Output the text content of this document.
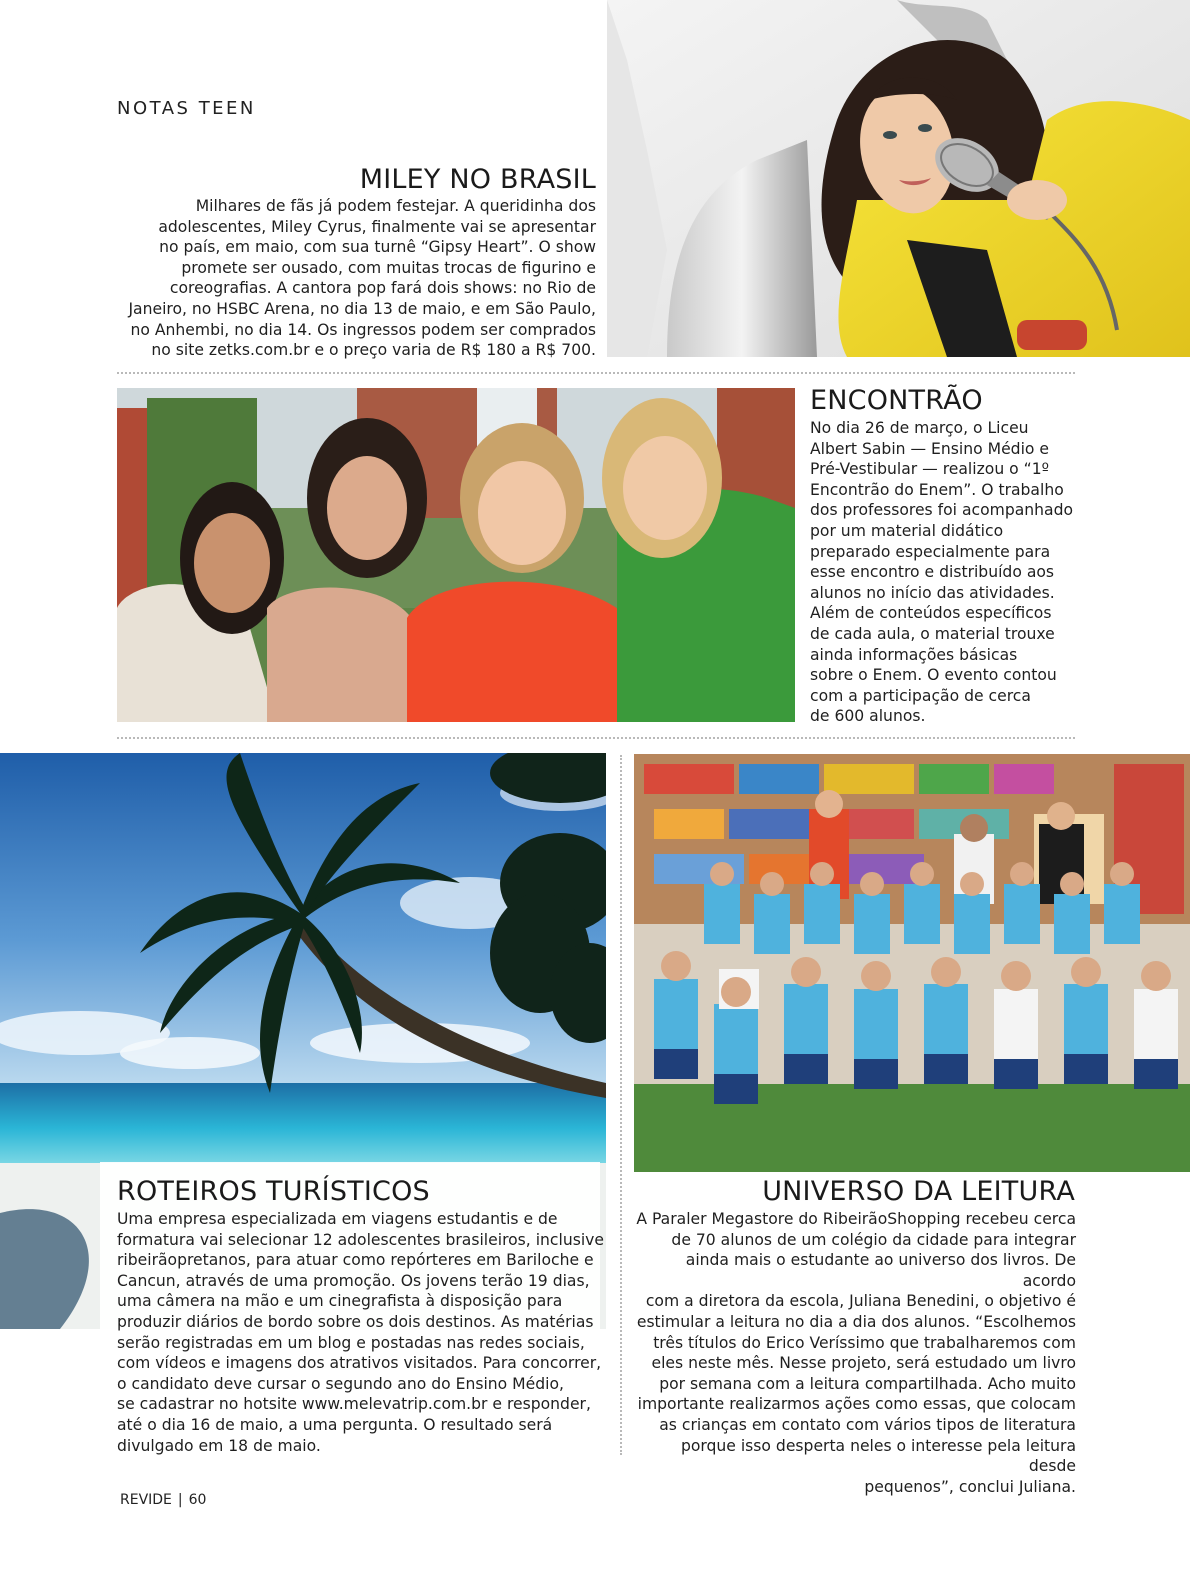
NOTAS TEEN
MILEY NO BRASIL
Milhares de fãs já podem festejar. A queridinha dos
adolescentes, Miley Cyrus, finalmente vai se apresentar
no país, em maio, com sua turnê “Gipsy Heart”. O show
promete ser ousado, com muitas trocas de figurino e
coreografias. A cantora pop fará dois shows: no Rio de
Janeiro, no HSBC Arena, no dia 13 de maio, e em São Paulo,
no Anhembi, no dia 14. Os ingressos podem ser comprados
no site zetks.com.br e o preço varia de R$ 180 a R$ 700.
ENCONTRÃO
No dia 26 de março, o Liceu
Albert Sabin — Ensino Médio e
Pré-Vestibular — realizou o “1º
Encontrão do Enem”. O trabalho
dos professores foi acompanhado
por um material didático
preparado especialmente para
esse encontro e distribuído aos
alunos no início das atividades.
Além de conteúdos específicos
de cada aula, o material trouxe
ainda informações básicas
sobre o Enem. O evento contou
com a participação de cerca
de 600 alunos.
ROTEIROS TURÍSTICOS
Uma empresa especializada em viagens estudantis e de
formatura vai selecionar 12 adolescentes brasileiros, inclusive
ribeirãopretanos, para atuar como repórteres em Bariloche e
Cancun, através de uma promoção. Os jovens terão 19 dias,
uma câmera na mão e um cinegrafista à disposição para
produzir diários de bordo sobre os dois destinos. As matérias
serão registradas em um blog e postadas nas redes sociais,
com vídeos e imagens dos atrativos visitados. Para concorrer,
o candidato deve cursar o segundo ano do Ensino Médio,
se cadastrar no hotsite www.melevatrip.com.br e responder,
até o dia 16 de maio, a uma pergunta. O resultado será
divulgado em 18 de maio.
UNIVERSO DA LEITURA
A Paraler Megastore do RibeirãoShopping recebeu cerca
de 70 alunos de um colégio da cidade para integrar
ainda mais o estudante ao universo dos livros. De acordo
com a diretora da escola, Juliana Benedini, o objetivo é
estimular a leitura no dia a dia dos alunos. “Escolhemos
três títulos do Erico Veríssimo que trabalharemos com
eles neste mês. Nesse projeto, será estudado um livro
por semana com a leitura compartilhada. Acho muito
importante realizarmos ações como essas, que colocam
as crianças em contato com vários tipos de literatura
porque isso desperta neles o interesse pela leitura desde
pequenos”, conclui Juliana.
REVIDE | 60
